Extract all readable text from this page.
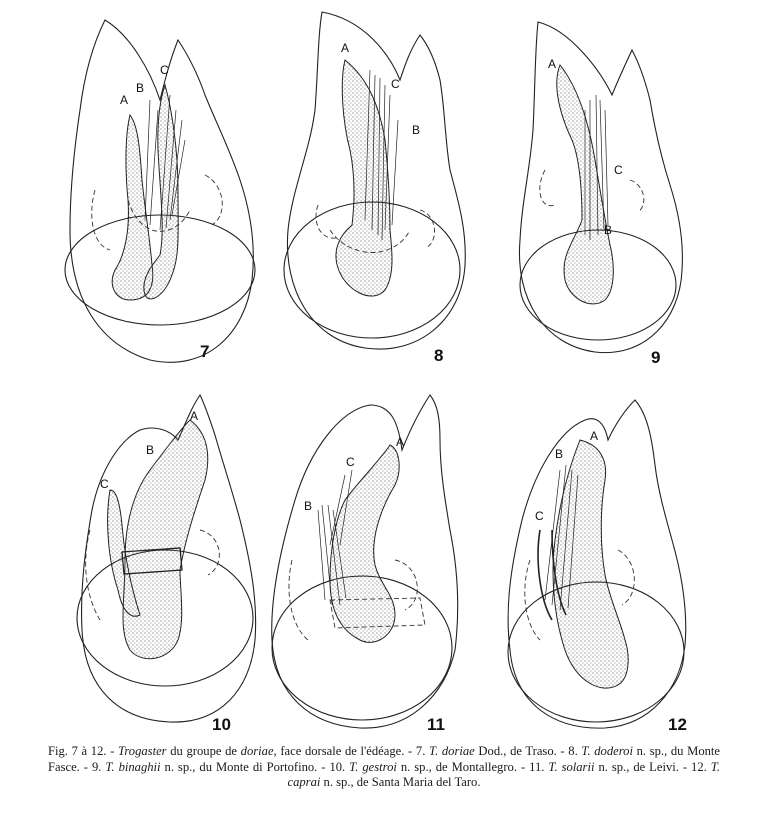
A
B
C
7
A
B
C
8
A
B
C
9
A
B
C
10
A
B
C
11
A
B
C
12
Fig. 7 à 12. - Trogaster du groupe de doriae, face dorsale de l'édéage. - 7. T. doriae Dod., de Traso. - 8. T. doderoi n. sp., du Monte Fasce. - 9. T. binaghii n. sp., du Monte di Portofino. - 10. T. gestroi n. sp., de Montallegro. - 11. T. solarii n. sp., de Leivi. - 12. T. caprai n. sp., de Santa Maria del Taro.
